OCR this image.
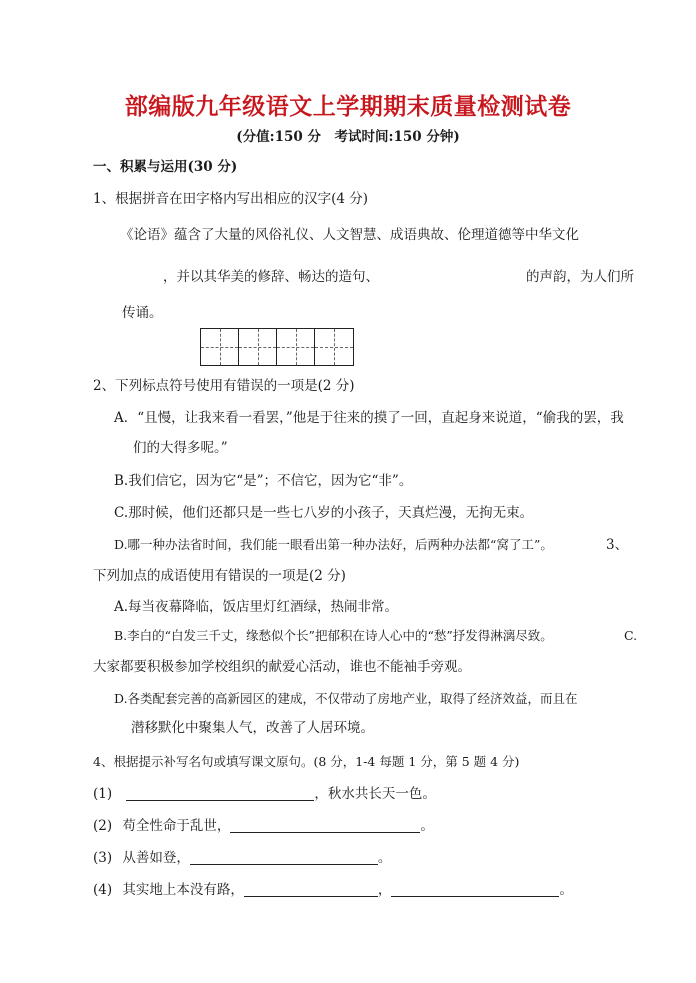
部编版九年级语文上学期期末质量检测试卷
(分值:150 分　考试时间:150 分钟)
一、积累与运用(30 分)
1、根据拼音在田字格内写出相应的汉字(4 分)
《论语》蕴含了大量的风俗礼仪、人文智慧、成语典故、伦理道德等中华文化
，并以其华美的修辞、畅达的造句、	的声韵，为人们所
传诵。
2、下列标点符号使用有错误的一项是(2 分)
A．“且慢，让我来看一看罢，”他是于往来的摸了一回，直起身来说道，“偷我的罢，我
们的大得多呢。”
B.我们信它，因为它“是”；不信它，因为它“非”。
C.那时候，他们还都只是一些七八岁的小孩子，天真烂漫，无拘无束。
D.哪一种办法省时间，我们能一眼看出第一种办法好，后两种办法都“窝了工”。	3、
下列加点的成语使用有错误的一项是(2 分)
A.每当夜幕降临，饭店里灯红酒绿，热闹非常。
B.李白的“白发三千丈，缘愁似个长”把郁积在诗人心中的“愁”抒发得淋漓尽致。	C.
大家都要积极参加学校组织的献爱心活动，谁也不能袖手旁观。
D.各类配套完善的高新园区的建成，不仅带动了房地产业，取得了经济效益，而且在
潜移默化中聚集人气，改善了人居环境。
4、根据提示补写名句或填写课文原句。(8 分，1-4 每题 1 分，第 5 题 4 分)
(1)	，秋水共长天一色。
(2) 苟全性命于乱世，	。
(3) 从善如登，	。
(4) 其实地上本没有路，	，	。
